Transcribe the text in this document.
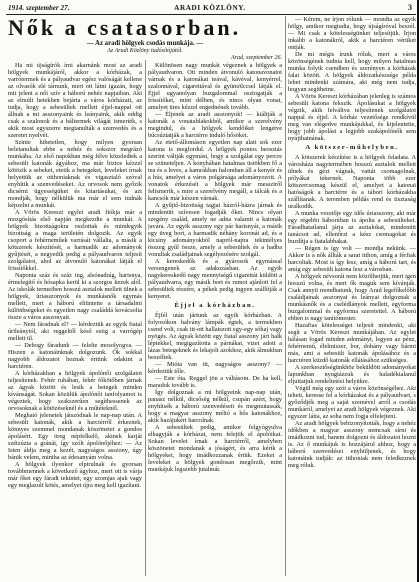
1914. szeptember 27.	ARADI KÖZLÖNY.	3
Nők a csatasorban.
— Az aradi hölgyek csodás munkája. —
Az Aradi Közlöny tudósítójától.
Arad, szeptember 26.

Ha mi újságírók írni akarnánk most az aradi hölgyek munkájáról, akkor a kórházak, a varrótermek és a pályaudvar egész valóságát kellene az olvasók elé tárnunk, mert ott látni igazán, hogy mit jelent a női szív a háború nehéz napjaiban. Aki az elmúlt hetekben bejárta a város kórházait, az tudja, hogy a sebesültek mellett éjjel-nappal ott állnak a mi asszonyaink és leányaink, akik eddig csak a szalonok és a báltermek világát ismerték, s akik most egyszerre megtanulták a szenvedés és a szeretet nyelvét.

Szinte hihetetlen, hogy milyen gyorsan beletanultak ebbe a nehéz és sokszor megrázó munkába. Az első napokban még félve közeledtek a sebesült katonák ágyához, ma már biztos kézzel kötözik a sebeket, etetik a betegeket, leveleket írnak helyettük az otthoniaknak és vigasztaló szóval enyhítik a szenvedéseket. Az orvosok nem győzik dicsérni ügyességüket és kitartásukat, és azt mondják, hogy nélkülük ma már el sem tudnák képzelni a munkát.

A Vörös Kereszt egylet aradi fiókja már a mozgósítás első napján megkezdte a munkát. A hölgyek bizottságokra oszlottak és mindegyik bizottság a maga területén dolgozik. Az egyik csoport a fehérneműek varrását vállalta, a másik a kötszerek készítését, a harmadik az adományok gyűjtését, a negyedik pedig a pályaudvaron teljesít szolgálatot, ahol az átvonuló katonákat látják el frissítőkkel.

Naponta száz és száz ing, alsónadrág, harisnya, érmelegítő és hósapka kerül ki a szorgos kezek alól. Az iskolák termeiben hosszú asztalok mellett ülnek a hölgyek, úriasszonyok és munkásnők egymás mellett, mert a háború eltüntette a társadalmi különbségeket és egyetlen nagy családdá kovácsolta össze a város asszonyait.

— Nem fáradnak el? — kérdeztük az egyik fiatal úrileánytól, aki reggeltől késő estig a varrógép mellett ül.

— Dehogy fáradunk — felelte mosolyogva. — Hiszen a katonáinknak dolgozunk. Ők sokkal nagyobb áldozatot hoznak értünk odakint a harctéren.

A kórházakban a hölgyek ápolónői szolgálatot teljesítenek. Fehér ruhában, fehér főkötőben járnak az ágyak között és lesik a betegek minden kívánságát. Sokan közülük ápolónői tanfolyamot is végeztek, hogy szakszerűen segíthessenek az orvosoknak a kötözéseknél és a műtéteknél.

Megható jelenetek játszódnak le nap-nap után. A sebesült katonák, akik a harctérről érkeznek, könnyes szemmel mondanak köszönetet a gondos ápolásért. Egy öreg népfelkelő, akinek karját szétzúzta a gránát, így szólt ápolónőjéhez: — Az Isten áldja meg a kezét, nagyságos asszony, úgy bánik velem, mintha az édesanyám volna.

A hölgyek ilyenkor elpirulnak és gyorsan továbbmennek a következő ágyhoz, mert ott is várja már őket egy fáradt tekintet, egy szomjas ajak vagy egy meglazult kötés, amelyet újra meg kell igazítani.

Különösen nagy munkát végeznek a hölgyek a pályaudvaron. Ott minden átvonuló katonavonatot várnak és a katonákat teával, kávéval, kenyérrel, szalonnával, cigarettával és gyümölccsel látják el. Éjjel ugyanolyan buzgalommal osztogatják a frissítőket, mint délben, és nincs olyan vonat, amelyet üres kézzel engednének tovább.

— Éljenek az aradi asszonyok! — kiáltják a katonák a vonatablakokból, amikor a szerelvény megindul, és a hölgyek kendőiket lengetve búcsúztatják a harctérre induló hősöket.

Az etető-állomáson egyetlen nap alatt sok ezer katona is megfordul. A hölgyek pontos beosztás szerint váltják egymást, hogy a szolgálat egy percre se szüneteljen. A konyhában hatalmas üstökben fő a tea és a leves, a kamrákban halomban áll a kenyér és a hús, amelyet a város polgársága adományozott. A vonatok érkezését a hölgyek már messziről felismerik, s mire a szerelvény megáll, a tálcák és a kancsók már készen várnak.

A gyűjtő-bizottság tagjai házról-házra járnak és mindenütt szívesen fogadják őket. Nincs olyan szegény család, amely ne adna valamit a katonák javára. Az egyik asszony egy pár harisnyát, a másik egy üveg bort, a harmadik néhány koronát ad, és a kicsiny adományokból napról-napra tekintélyes összeg gyűl össze, amely a sebesültek és a hadba vonultak családjainak segélyezésére szolgál.

A kereskedők és a gyárosok egymással versengenek az adakozásban. Az egyik nagykereskedő nagy mennyiségű cigarettát küldött a pályaudvarra, egy másik bort és rumot ajánlott fel a sebesültek részére, a pékek pedig ingyen szállítják a kenyeret.

Éjjel a kórházban.

Éjfél után jártunk az egyik kórházban. A folyosókon halvány lámpák égtek, a termekben csend volt, csak itt-ott hallatszott egy-egy sóhaj vagy nyögés. Az ágyak között egy fiatal asszony járt halk léptekkel, megigazította a párnákat, vizet adott a lázas betegeknek és lehajolt azokhoz, akik álmukban beszéltek.

— Mióta van itt, nagyságos asszony? — kérdeztük tőle.

— Este óta. Reggel jön a váltásom. De ha kell, maradok tovább is.

Így dolgoznak a mi hölgyeink nap-nap után, panasz nélkül, dicsőség nélkül, csupán azért, hogy enyhítsék a háború szenvedéseit és megmutassák, hogy a magyar asszony méltó a hős katonákhoz, akik hazájukért harcolnak.

A sebesültek pedig, amikor felgyógyulva elhagyják a kórházat, nem felejtik el ápolóikat. Sokan levelet írnak a harctérről, amelyben köszönetet mondanak a jóságért, és arra kérik a hölgyeket, hogy imádkozzanak értük. Ezeket a leveleket a hölgyek gondosan megőrzik, mint munkájuk legszebb jutalmát.

— Kérem, ne írjon rólunk — mondta az egyik hölgy, amikor megtudta, hogy újságíróval beszél. — Mi csak a kötelességünket teljesítjük. Írjon inkább a katonákról, akik a harctéren vérüket ontják.

De mi mégis írunk róluk, mert a város közönségének tudnia kell, hogy milyen hatalmas munka folyik csendben és szerényen a kórházak falai között. A hölgyek áldozatkészsége példa lehet mindenki számára, aki még nem tudja, hogyan segíthetne.

A Vörös Kereszt kórházában jelenleg is számos sebesült katona fekszik. Ápolásukat a hölgyek végzik, akik felváltva teljesítenek szolgálatot nappal és éjjel. A kórház vezetősége rendkívül meg van elégedve munkájukkal, és kijelentette, hogy jobb ápolást a legjobb szakápolónők sem nyújthatnának.

A kötszer-műhelyben.

A kötszerek készítése is a hölgyek feladata. A városháza nagytermében hosszú asztalok mellett ülnek és gézt vágnak, vattát csomagolnak, pólyákat tekernek. Naponta több ezer kötszercsomag készül el, amelyet a katonai hatóságok a harctérre és a tábori kórházakba szállítanak. A teremben példás rend és tisztaság uralkodik.

A munka vezetője egy idős úriasszony, aki már egy régebbi háborúban is ápolta a sebesülteket. Fáradhatatlanul járja az asztalokat, mindenütt tanácsot ad, ellenőrzi a kész csomagokat és buzdítja a fiatalabbakat.

— Régen is így volt — mondja nekünk. — Akkor is a nők állták a sarat itthon, amíg a férfiak harcoltak. Most is így lesz, amíg a háború tart, és amíg egy sebesült katona lesz a városban.

A hölgyek névsorát nem közölhetjük, mert igen hosszú volna, és mert ők maguk sem kívánják. Csak annyit mondhatunk, hogy Arad legelőkelőbb családjainak asszonyai és leányai dolgoznak a munkásnők és a cselédlányok mellett, egyforma buzgalommal és egyforma szeretettel. A háború ebben is nagy tanítómester.

Hazafias kötelességet teljesít mindenki, aki segít a Vörös Kereszt munkájában. Az egylet hálásan fogad minden adományt, legyen az pénz, fehérnemű, élelmiszer, bor, dohány vagy bármi más, ami a sebesült katonák ápolásához és a harctéren küzdő katonák ellátásához szükséges.

A szerkesztőségünkhöz beküldött adományokat lapunkban nyugtázzuk és haladéktalanul eljuttatjuk rendeltetési helyükre.

Végül még egy szót a város közönségéhez. Aki teheti, keresse fel a kórházakat és a pályaudvart, s győződjék meg a saját szemével arról a csodás munkáról, amelyet az aradi hölgyek végeznek. Aki egyszer látta, az soha nem fogja elfelejteni.

Az aradi hölgyek bebizonyították, hogy a nehéz időkben a magyar asszony nemcsak sírni és imádkozni tud, hanem dolgozni és áldozatot hozni is. Az ő munkájuk is hozzájárul ahhoz, hogy a háború szenvedései enyhüljenek, és hogy katonáink tudják: az itthoniak nem feledkeznek meg róluk.
